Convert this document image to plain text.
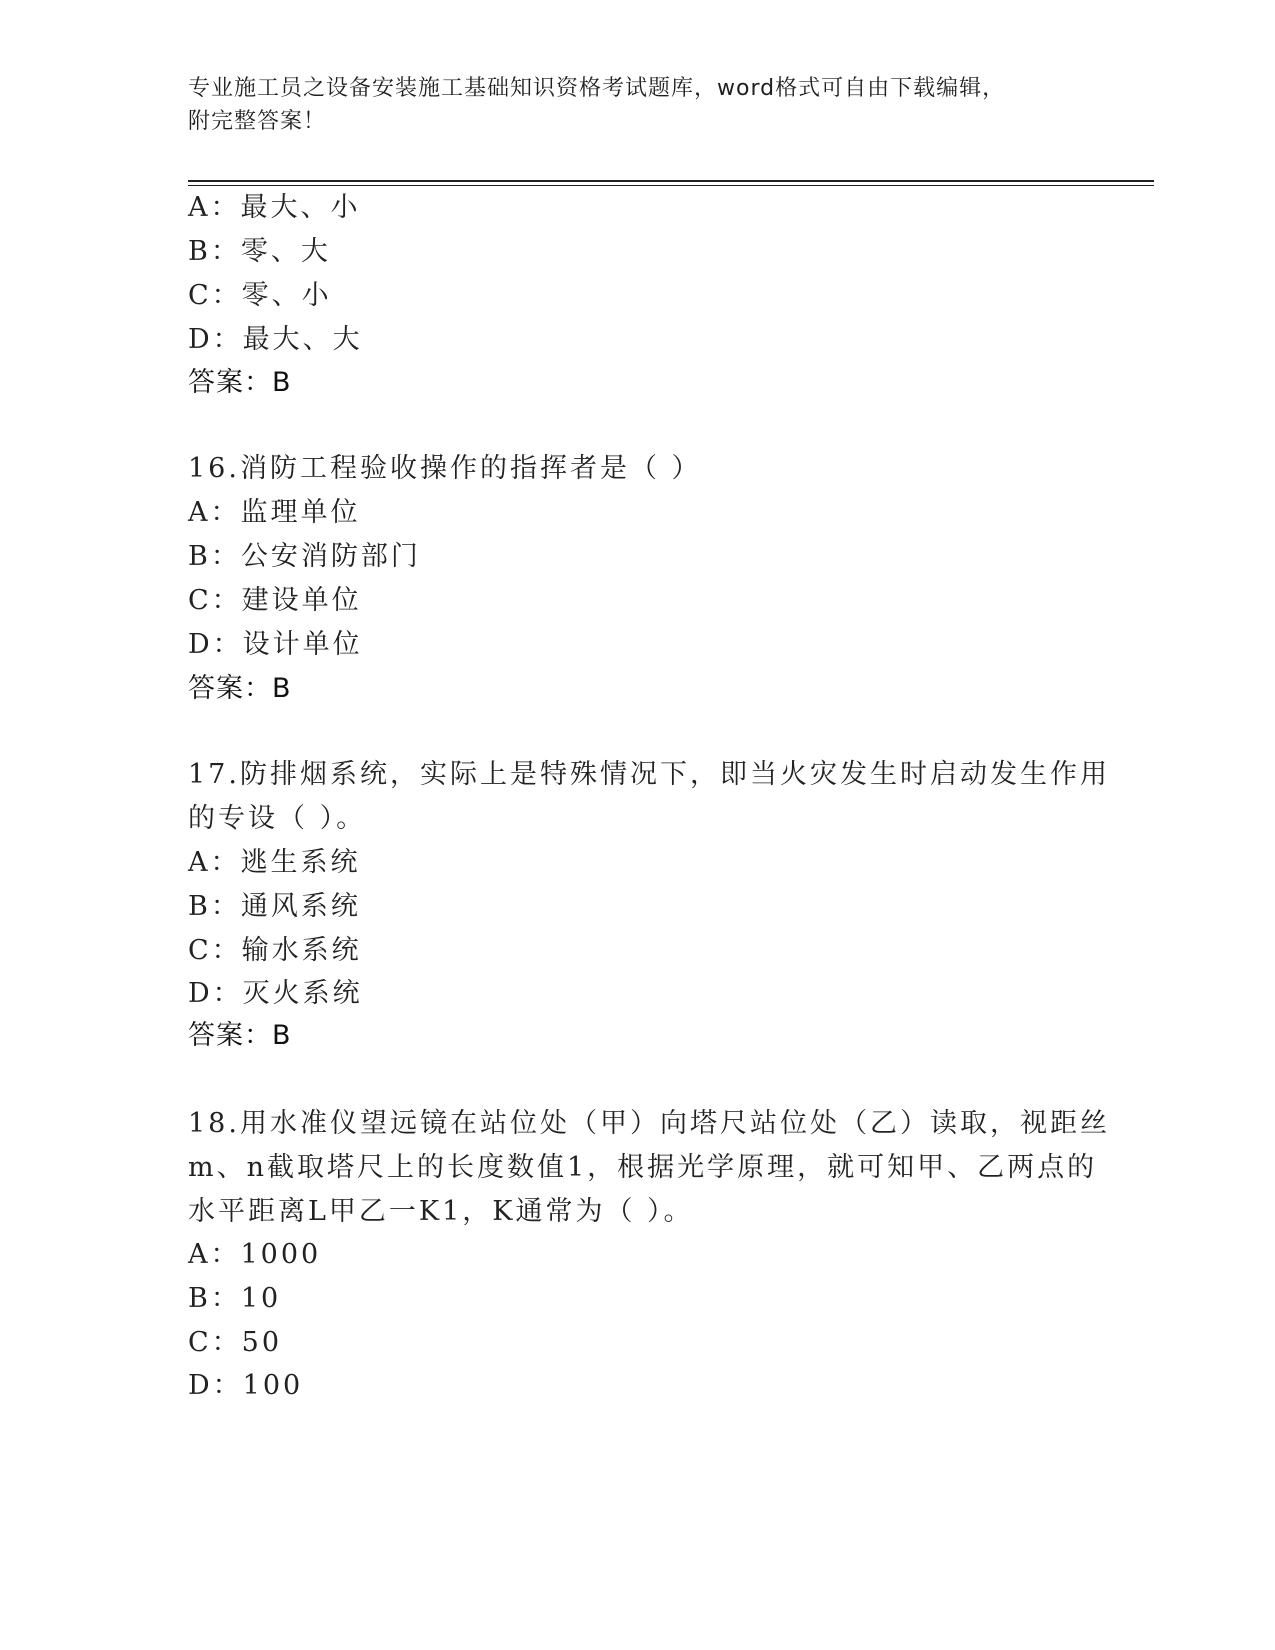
专业施工员之设备安装施工基础知识资格考试题库，word格式可自由下载编辑，
附完整答案！
A：最大、小
B：零、大
C：零、小
D：最大、大
答案：B
16.消防工程验收操作的指挥者是（ ）
A：监理单位
B：公安消防部门
C：建设单位
D：设计单位
答案：B
17.防排烟系统，实际上是特殊情况下，即当火灾发生时启动发生作用
的专设（ ）。
A：逃生系统
B：通风系统
C：输水系统
D：灭火系统
答案：B
18.用水准仪望远镜在站位处（甲）向塔尺站位处（乙）读取，视距丝
m、n截取塔尺上的长度数值1，根据光学原理，就可知甲、乙两点的
水平距离L甲乙一K1，K通常为（ ）。
A：1000
B：10
C：50
D：100
